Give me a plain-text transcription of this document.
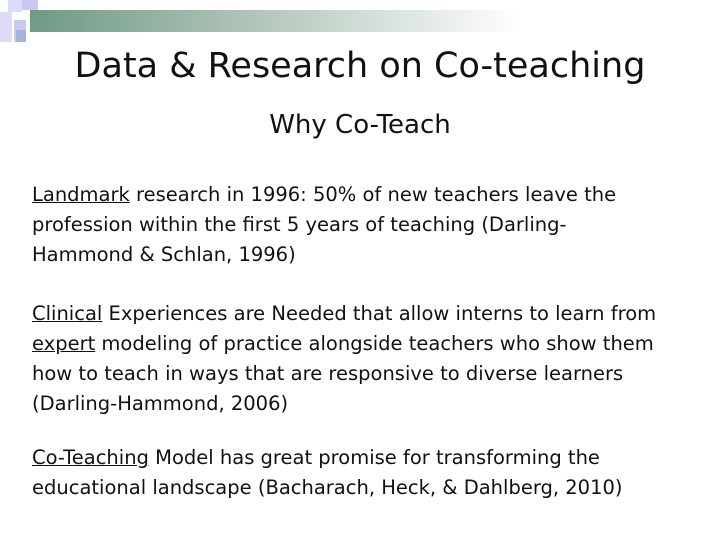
Data & Research on Co-teaching
Why Co-Teach
Landmark research in 1996: 50% of new teachers leave the
profession within the first 5 years of teaching (Darling-
Hammond & Schlan, 1996)
Clinical Experiences are Needed that allow interns to learn from
expert modeling of practice alongside teachers who show them
how to teach in ways that are responsive to diverse learners
(Darling-Hammond, 2006)
Co-Teaching Model has great promise for transforming the
educational landscape (Bacharach, Heck, & Dahlberg, 2010)
